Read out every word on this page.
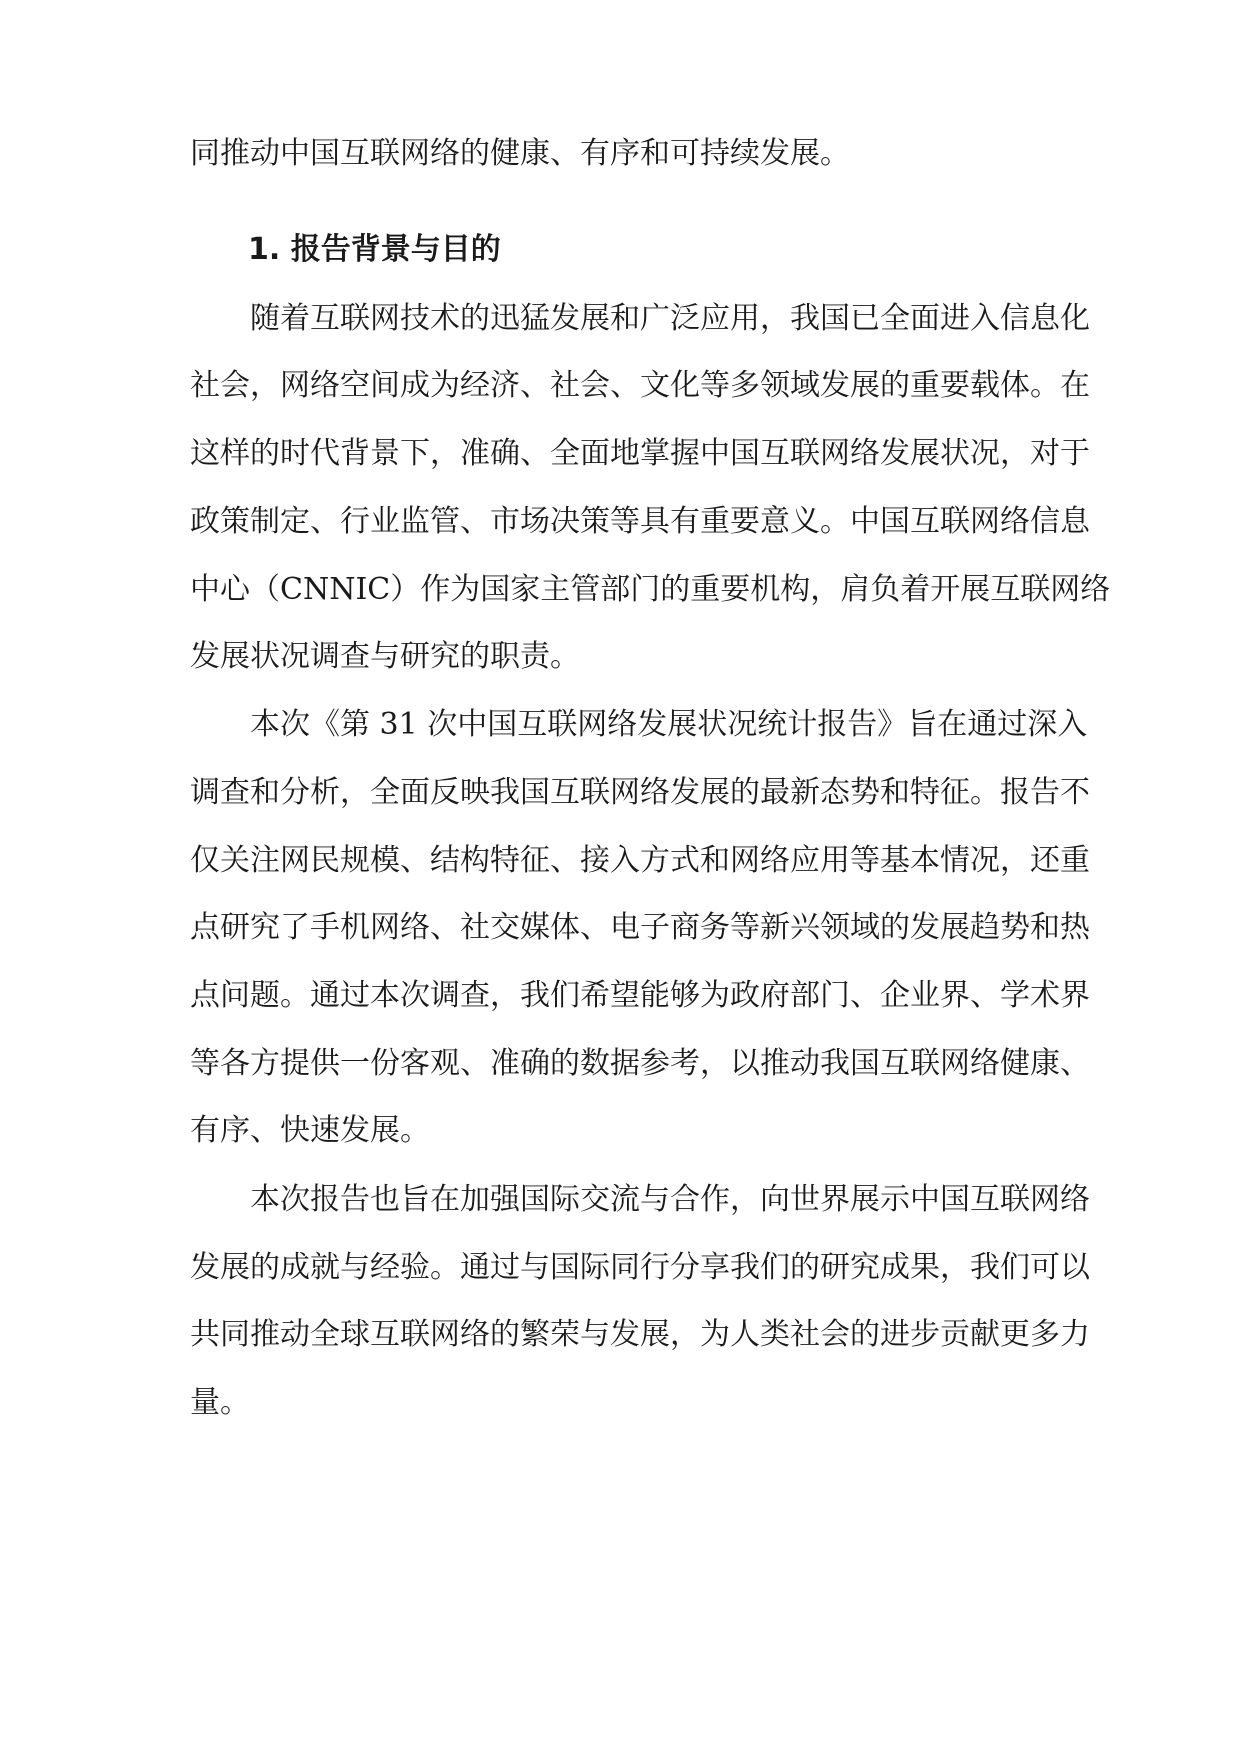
同推动中国互联网络的健康、有序和可持续发展。
1. 报告背景与目的
随着互联网技术的迅猛发展和广泛应用，我国已全面进入信息化
社会，网络空间成为经济、社会、文化等多领域发展的重要载体。在
这样的时代背景下，准确、全面地掌握中国互联网络发展状况，对于
政策制定、行业监管、市场决策等具有重要意义。中国互联网络信息
中心（CNNIC）作为国家主管部门的重要机构，肩负着开展互联网络
发展状况调查与研究的职责。
本次《第 31 次中国互联网络发展状况统计报告》旨在通过深入
调查和分析，全面反映我国互联网络发展的最新态势和特征。报告不
仅关注网民规模、结构特征、接入方式和网络应用等基本情况，还重
点研究了手机网络、社交媒体、电子商务等新兴领域的发展趋势和热
点问题。通过本次调查，我们希望能够为政府部门、企业界、学术界
等各方提供一份客观、准确的数据参考，以推动我国互联网络健康、
有序、快速发展。
本次报告也旨在加强国际交流与合作，向世界展示中国互联网络
发展的成就与经验。通过与国际同行分享我们的研究成果，我们可以
共同推动全球互联网络的繁荣与发展，为人类社会的进步贡献更多力
量。
